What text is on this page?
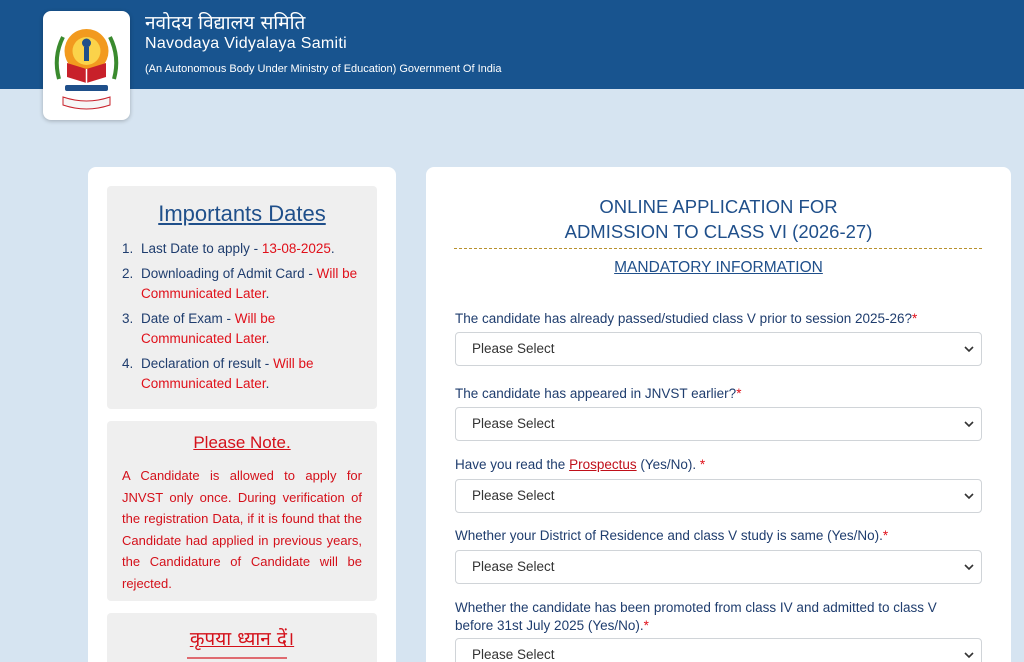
नवोदय विद्यालय समिति
Navodaya Vidyalaya Samiti
(An Autonomous Body Under Ministry of Education) Government Of India
Importants Dates
1. Last Date to apply - 13-08-2025.
2. Downloading of Admit Card - Will be Communicated Later.
3. Date of Exam - Will be Communicated Later.
4. Declaration of result - Will be Communicated Later.
Please Note.
A Candidate is allowed to apply for JNVST only once. During verification of the registration Data, if it is found that the Candidate had applied in previous years, the Candidature of Candidate will be rejected.
कृपया ध्यान दें।
ONLINE APPLICATION FOR
ADMISSION TO CLASS VI (2026-27)
MANDATORY INFORMATION
The candidate has already passed/studied class V prior to session 2025-26?*
Please Select
The candidate has appeared in JNVST earlier?*
Please Select
Have you read the Prospectus (Yes/No). *
Please Select
Whether your District of Residence and class V study is same (Yes/No).*
Please Select
Whether the candidate has been promoted from class IV and admitted to class V before 31st July 2025 (Yes/No).*
Please Select
